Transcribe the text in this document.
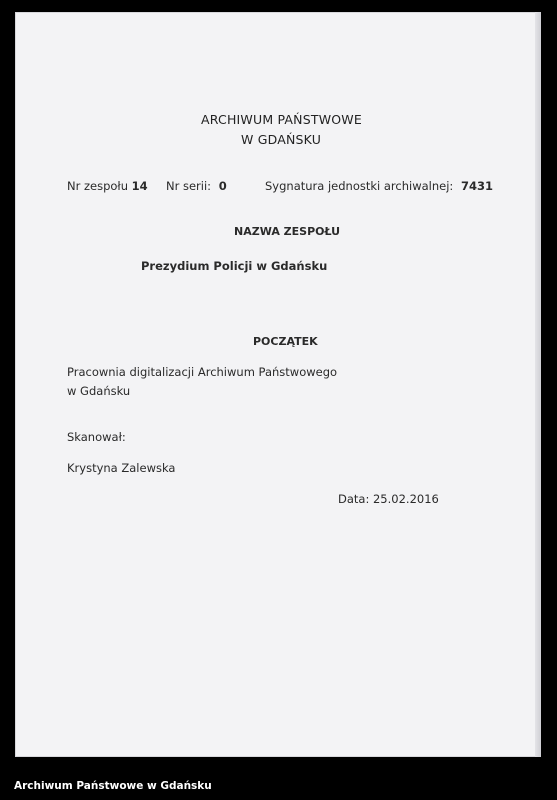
ARCHIWUM PAŃSTWOWE
W GDAŃSKU
Nr zespołu 14 Nr serii: 0	Sygnatura jednostki archiwalnej: 7431
NAZWA ZESPOŁU
Prezydium Policji w Gdańsku
POCZĄTEK
Pracownia digitalizacji Archiwum Państwowego
w Gdańsku
Skanował:
Krystyna Zalewska
Data: 25.02.2016
Archiwum Państwowe w Gdańsku
